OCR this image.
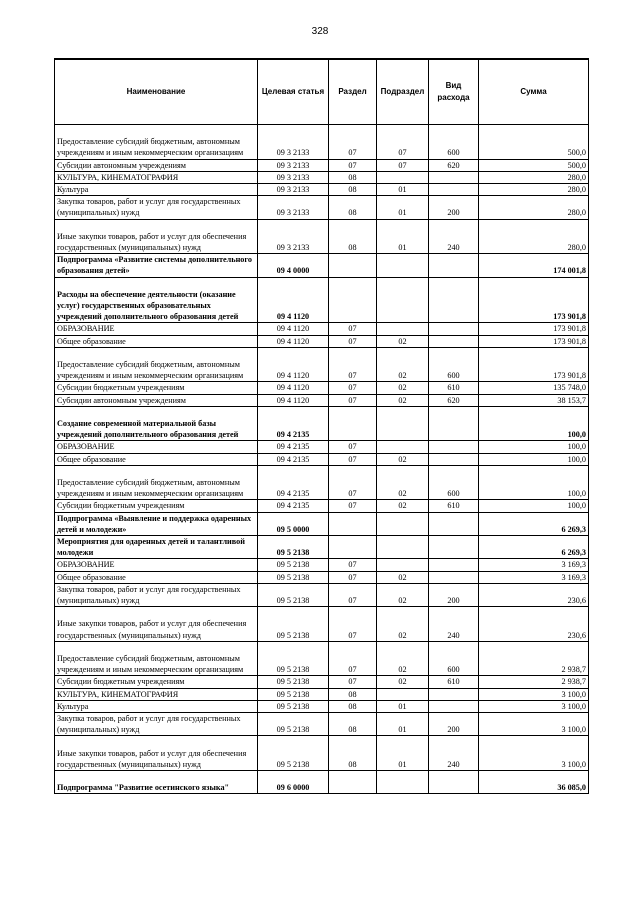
328
Наименование	Целевая статья	Раздел	Подраздел	Вид расхода	Сумма
Предоставление субсидий бюджетным, автономным учреждениям и иным некоммерческим организациям	09 3 2133	07	07	600	500,0
Субсидии автономным учреждениям	09 3 2133	07	07	620	500,0
КУЛЬТУРА, КИНЕМАТОГРАФИЯ	09 3 2133	08			280,0
Культура	09 3 2133	08	01		280,0
Закупка товаров, работ и услуг для государственных (муниципальных) нужд	09 3 2133	08	01	200	280,0
Иные закупки товаров, работ и услуг для обеспечения государственных (муниципальных) нужд	09 3 2133	08	01	240	280,0
Подпрограмма «Развитие системы дополнительного образования детей»	09 4 0000				174 001,8
Расходы на обеспечение деятельности (оказание услуг) государственных образовательных учреждений дополнительного образования детей	09 4 1120				173 901,8
ОБРАЗОВАНИЕ	09 4 1120	07			173 901,8
Общее образование	09 4 1120	07	02		173 901,8
Предоставление субсидий бюджетным, автономным учреждениям и иным некоммерческим организациям	09 4 1120	07	02	600	173 901,8
Субсидии бюджетным учреждениям	09 4 1120	07	02	610	135 748,0
Субсидии автономным учреждениям	09 4 1120	07	02	620	38 153,7
Создание современной материальной базы учреждений дополнительного образования детей	09 4 2135				100,0
ОБРАЗОВАНИЕ	09 4 2135	07			100,0
Общее образование	09 4 2135	07	02		100,0
Предоставление субсидий бюджетным, автономным учреждениям и иным некоммерческим организациям	09 4 2135	07	02	600	100,0
Субсидии бюджетным учреждениям	09 4 2135	07	02	610	100,0
Подпрограмма «Выявление и поддержка одаренных детей и молодежи»	09 5 0000				6 269,3
Мероприятия для одаренных детей и талантливой молодежи	09 5 2138				6 269,3
ОБРАЗОВАНИЕ	09 5 2138	07			3 169,3
Общее образование	09 5 2138	07	02		3 169,3
Закупка товаров, работ и услуг для государственных (муниципальных) нужд	09 5 2138	07	02	200	230,6
Иные закупки товаров, работ и услуг для обеспечения государственных (муниципальных) нужд	09 5 2138	07	02	240	230,6
Предоставление субсидий бюджетным, автономным учреждениям и иным некоммерческим организациям	09 5 2138	07	02	600	2 938,7
Субсидии бюджетным учреждениям	09 5 2138	07	02	610	2 938,7
КУЛЬТУРА, КИНЕМАТОГРАФИЯ	09 5 2138	08			3 100,0
Культура	09 5 2138	08	01		3 100,0
Закупка товаров, работ и услуг для государственных (муниципальных) нужд	09 5 2138	08	01	200	3 100,0
Иные закупки товаров, работ и услуг для обеспечения государственных (муниципальных) нужд	09 5 2138	08	01	240	3 100,0
Подпрограмма "Развитие осетинского языка"	09 6 0000				36 085,0
